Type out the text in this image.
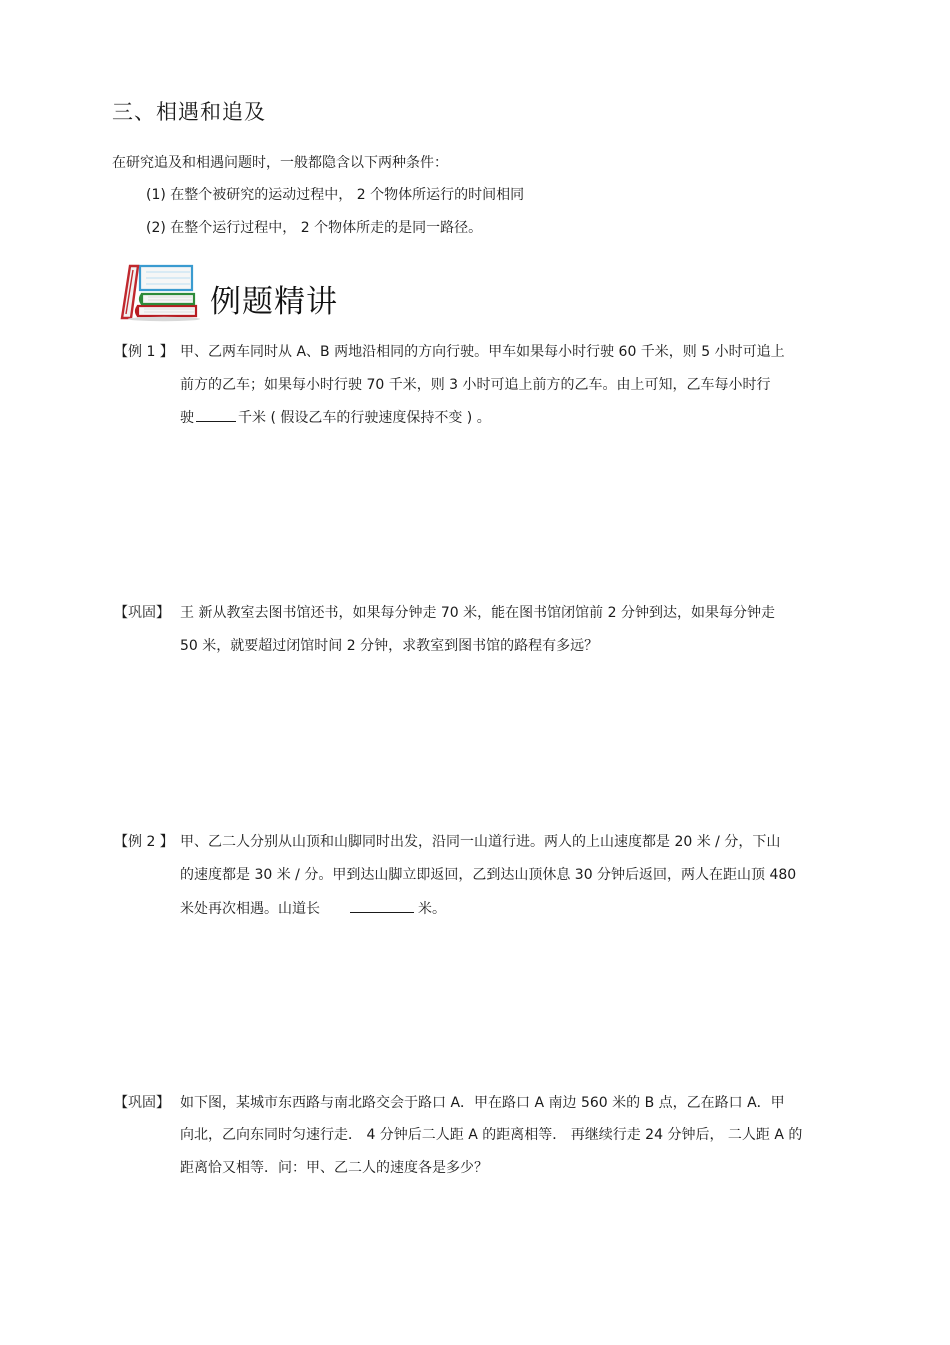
三、相遇和追及
在研究追及和相遇问题时，一般都隐含以下两种条件：
(1) 在整个被研究的运动过程中， 2 个物体所运行的时间相同
(2) 在整个运行过程中， 2 个物体所走的是同一路径。
例题精讲
【例 1 】 甲、乙两车同时从 A、B 两地沿相同的方向行驶。甲车如果每小时行驶 60 千米，则 5 小时可追上
前方的乙车；如果每小时行驶 70 千米，则 3 小时可追上前方的乙车。由上可知，乙车每小时行
驶	千米 ( 假设乙车的行驶速度保持不变 ) 。
【巩固】 王 新从教室去图书馆还书，如果每分钟走 70 米，能在图书馆闭馆前 2 分钟到达，如果每分钟走
50 米，就要超过闭馆时间 2 分钟，求教室到图书馆的路程有多远？
【例 2 】 甲、乙二人分别从山顶和山脚同时出发，沿同一山道行进。两人的上山速度都是 20 米 / 分，下山
的速度都是 30 米 / 分。甲到达山脚立即返回，乙到达山顶休息 30 分钟后返回，两人在距山顶 480
米处再次相遇。山道长	米。
【巩固】 如下图，某城市东西路与南北路交会于路口 A．甲在路口 A 南边 560 米的 B 点，乙在路口 A．甲
向北，乙向东同时匀速行走． 4 分钟后二人距 A 的距离相等． 再继续行走 24 分钟后， 二人距 A 的
距离恰又相等．问：甲、乙二人的速度各是多少？
